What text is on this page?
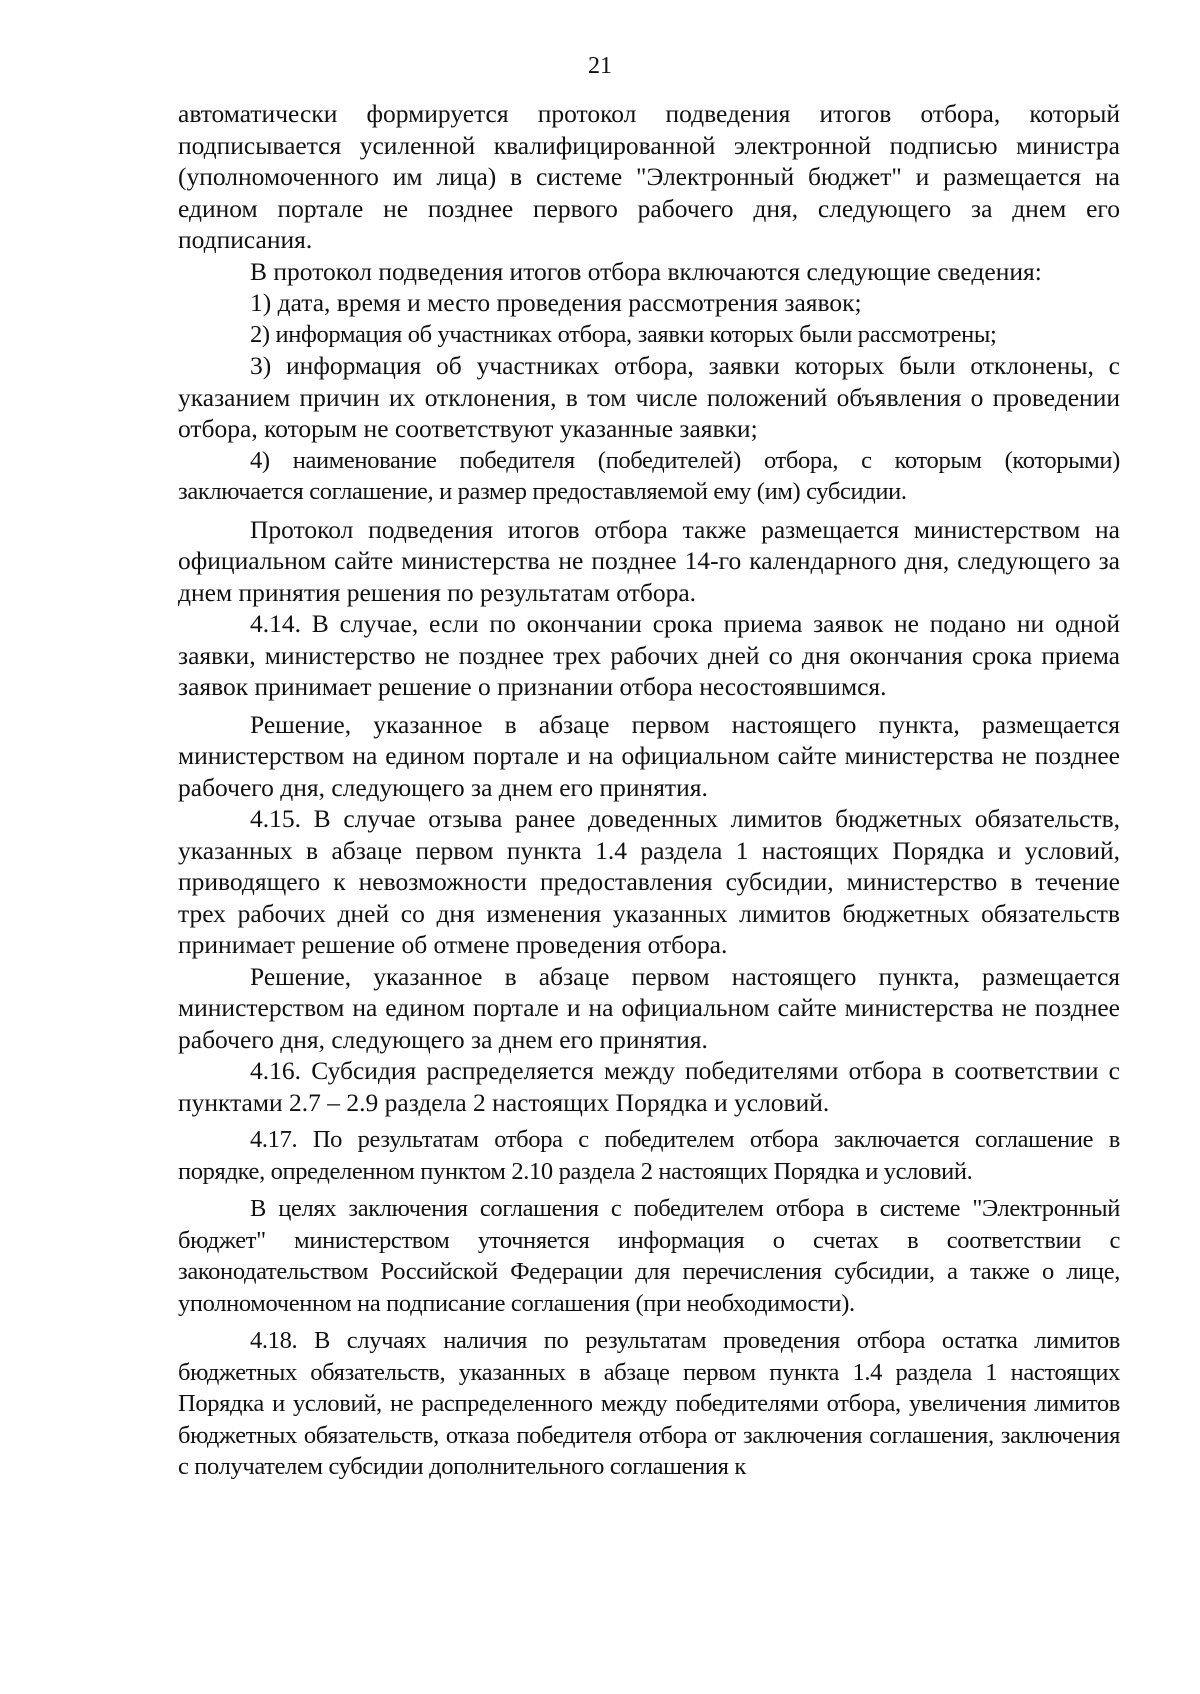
21

автоматически формируется протокол подведения итогов отбора, который подписывается усиленной квалифицированной электронной подписью министра (уполномоченного им лица) в системе "Электронный бюджет" и размещается на едином портале не позднее первого рабочего дня, следующего за днем его подписания.

В протокол подведения итогов отбора включаются следующие сведения:

1) дата, время и место проведения рассмотрения заявок;

2) информация об участниках отбора, заявки которых были рассмотрены;

3) информация об участниках отбора, заявки которых были отклонены, с указанием причин их отклонения, в том числе положений объявления о проведении отбора, которым не соответствуют указанные заявки;

4) наименование победителя (победителей) отбора, с которым (которыми) заключается соглашение, и размер предоставляемой ему (им) субсидии.

Протокол подведения итогов отбора также размещается министерством на официальном сайте министерства не позднее 14-го календарного дня, следующего за днем принятия решения по результатам отбора.

4.14. В случае, если по окончании срока приема заявок не подано ни одной заявки, министерство не позднее трех рабочих дней со дня окончания срока приема заявок принимает решение о признании отбора несостоявшимся.

Решение, указанное в абзаце первом настоящего пункта, размещается министерством на едином портале и на официальном сайте министерства не позднее рабочего дня, следующего за днем его принятия.

4.15. В случае отзыва ранее доведенных лимитов бюджетных обязательств, указанных в абзаце первом пункта 1.4 раздела 1 настоящих Порядка и условий, приводящего к невозможности предоставления субсидии, министерство в течение трех рабочих дней со дня изменения указанных лимитов бюджетных обязательств принимает решение об отмене проведения отбора.

Решение, указанное в абзаце первом настоящего пункта, размещается министерством на едином портале и на официальном сайте министерства не позднее рабочего дня, следующего за днем его принятия.

4.16. Субсидия распределяется между победителями отбора в соответствии с пунктами 2.7 – 2.9 раздела 2 настоящих Порядка и условий.

4.17. По результатам отбора с победителем отбора заключается соглашение в порядке, определенном пунктом 2.10 раздела 2 настоящих Порядка и условий.

В целях заключения соглашения с победителем отбора в системе "Электронный бюджет" министерством уточняется информация о счетах в соответствии с законодательством Российской Федерации для перечисления субсидии, а также о лице, уполномоченном на подписание соглашения (при необходимости).

4.18. В случаях наличия по результатам проведения отбора остатка лимитов бюджетных обязательств, указанных в абзаце первом пункта 1.4 раздела 1 настоящих Порядка и условий, не распределенного между победителями отбора, увеличения лимитов бюджетных обязательств, отказа победителя отбора от заключения соглашения, заключения с получателем субсидии дополнительного соглашения к
